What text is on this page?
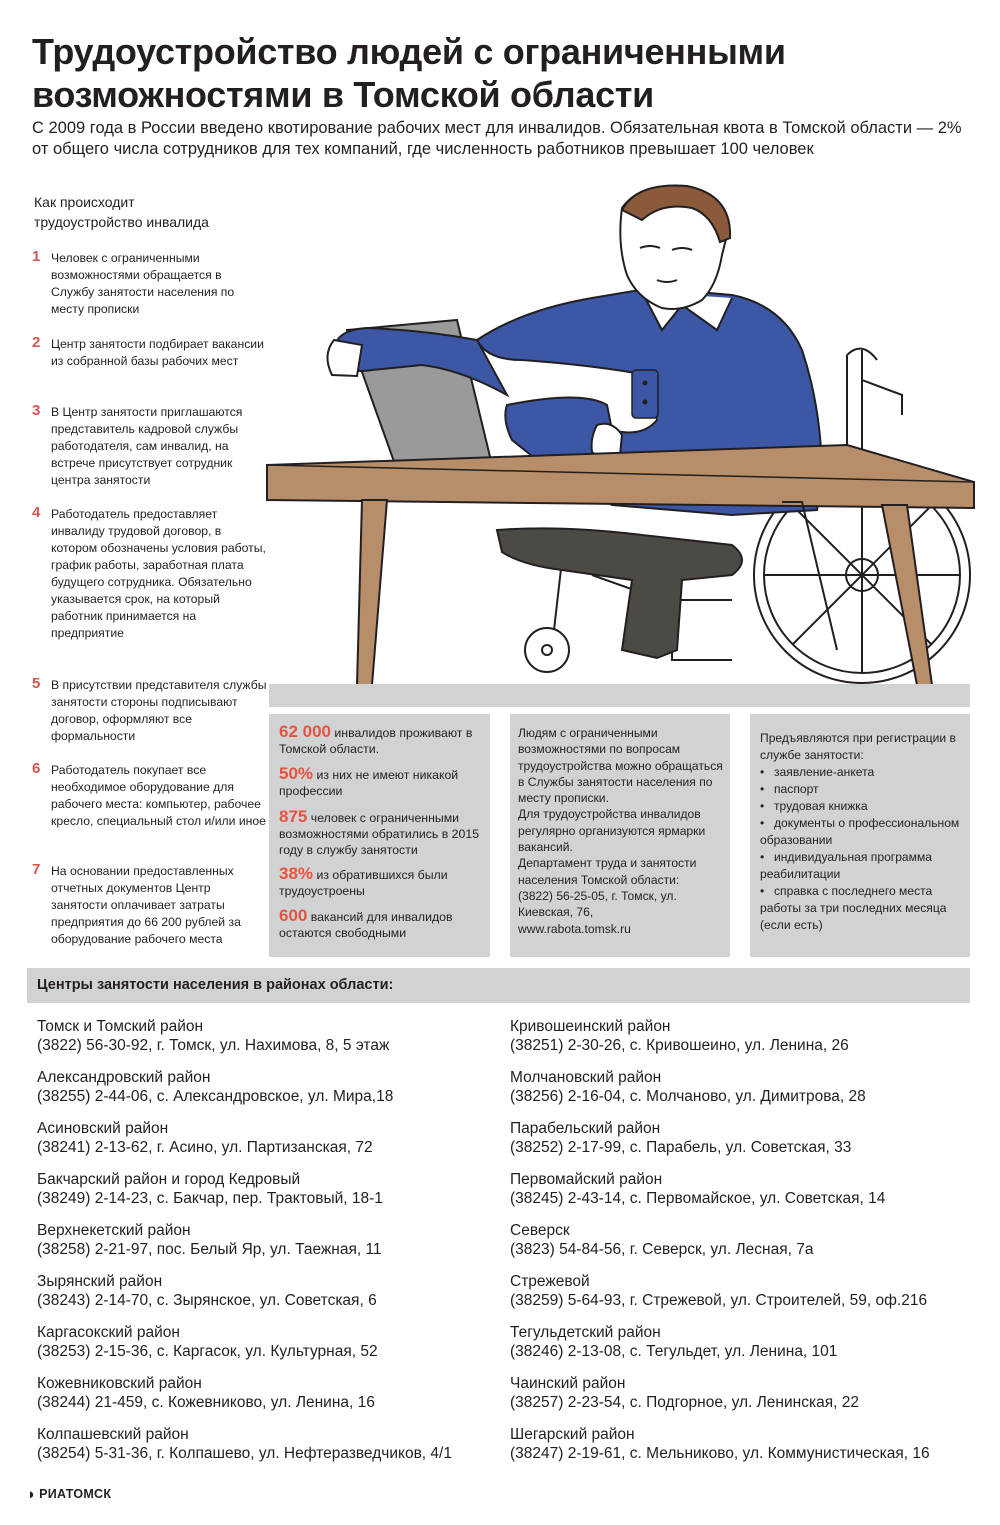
Трудоустройство людей с ограниченными возможностями в Томской области
С 2009 года в России введено квотирование рабочих мест для инвалидов. Обязательная квота в Томской области — 2% от общего числа сотрудников для тех компаний, где численность работников превышает 100 человек
Как происходит трудоустройство инвалида
1 Человек с ограниченными возможностями обращается в Службу занятости населения по месту прописки
2 Центр занятости подбирает вакансии из собранной базы рабочих мест
3 В Центр занятости приглашаются представитель кадровой службы работодателя, сам инвалид, на встрече присутствует сотрудник центра занятости
4 Работодатель предоставляет инвалиду трудовой договор, в котором обозначены условия работы, график работы, заработная плата будущего сотрудника. Обязательно указывается срок, на который работник принимается на предприятие
5 В присутствии представителя службы занятости стороны подписывают договор, оформляют все формальности
6 Работодатель покупает все необходимое оборудование для рабочего места: компьютер, рабочее кресло, специальный стол и/или иное
7 На основании предоставленных отчетных документов Центр занятости оплачивает затраты предприятия до 66 200 рублей за оборудование рабочего места
62 000 инвалидов проживают в Томской области.
50% из них не имеют никакой профессии
875 человек с ограниченными возможностями обратились в 2015 году в службу занятости
38% из обратившихся были трудоустроены
600 вакансий для инвалидов остаются свободными
Людям с ограниченными возможностями по вопросам трудоустройства можно обращаться в Службы занятости населения по месту прописки.
Для трудоустройства инвалидов регулярно организуются ярмарки вакансий.
Департамент труда и занятости населения Томской области:
(3822) 56-25-05, г. Томск, ул. Киевская, 76,
www.rabota.tomsk.ru
Предъявляются при регистрации в службе занятости:
• заявление-анкета
• паспорт
• трудовая книжка
• документы о профессиональном образовании
• индивидуальная программа реабилитации
• справка с последнего места работы за три последних месяца (если есть)
Центры занятости населения в районах области:
Томск и Томский район
(3822) 56-30-92, г. Томск, ул. Нахимова, 8, 5 этаж
Александровский район
(38255) 2-44-06, с. Александровское, ул. Мира,18
Асиновский район
(38241) 2-13-62, г. Асино, ул. Партизанская, 72
Бакчарский район и город Кедровый
(38249) 2-14-23, с. Бакчар, пер. Трактовый, 18-1
Верхнекетский район
(38258) 2-21-97, пос. Белый Яр, ул. Таежная, 11
Зырянский район
(38243) 2-14-70, с. Зырянское, ул. Советская, 6
Каргасокский район
(38253) 2-15-36, с. Каргасок, ул. Культурная, 52
Кожевниковский район
(38244) 21-459, с. Кожевниково, ул. Ленина, 16
Колпашевский район
(38254) 5-31-36, г. Колпашево, ул. Нефтеразведчиков, 4/1
Кривошеинский район
(38251) 2-30-26, с. Кривошеино, ул. Ленина, 26
Молчановский район
(38256) 2-16-04, с. Молчаново, ул. Димитрова, 28
Парабельский район
(38252) 2-17-99, с. Парабель, ул. Советская, 33
Первомайский район
(38245) 2-43-14, с. Первомайское, ул. Советская, 14
Северск
(3823) 54-84-56, г. Северск, ул. Лесная, 7а
Стрежевой
(38259) 5-64-93, г. Стрежевой, ул. Строителей, 59, оф.216
Тегульдетский район
(38246) 2-13-08, с. Тегульдет, ул. Ленина, 101
Чаинский район
(38257) 2-23-54, с. Подгорное, ул. Ленинская, 22
Шегарский район
(38247) 2-19-61, с. Мельниково, ул. Коммунистическая, 16
◗ РИАТОМСК
